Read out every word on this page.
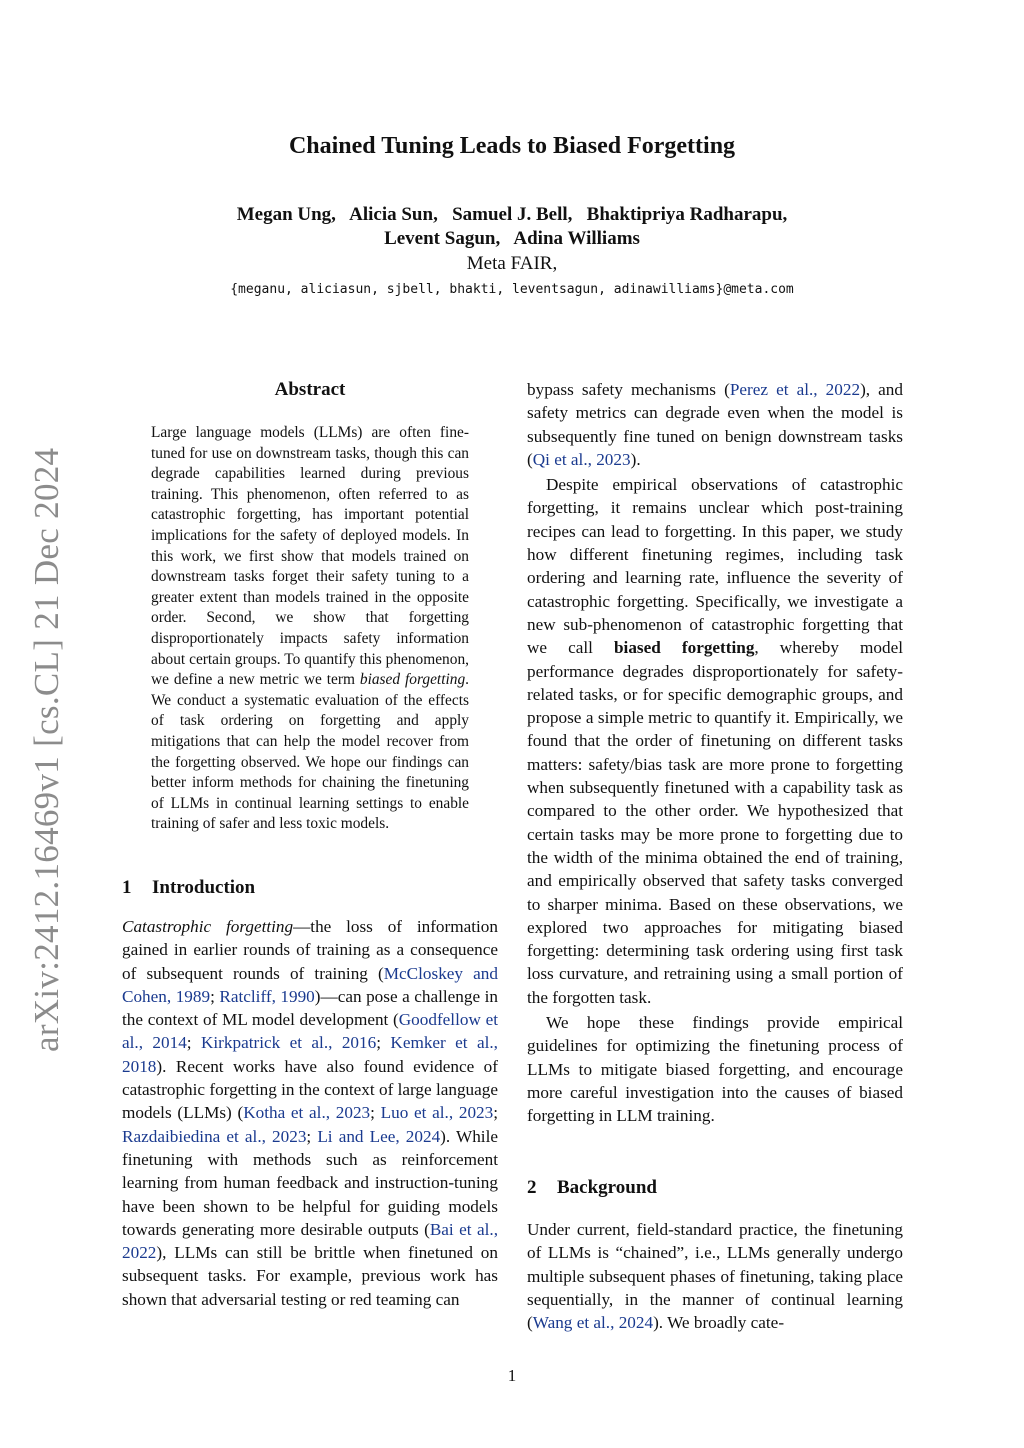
arXiv:2412.16469v1 [cs.CL] 21 Dec 2024
Chained Tuning Leads to Biased Forgetting
Megan Ung,   Alicia Sun,   Samuel J. Bell,   Bhaktipriya Radharapu,
Levent Sagun,   Adina Williams
Meta FAIR,
{meganu, aliciasun, sjbell, bhakti, leventsagun, adinawilliams}@meta.com
Abstract
Large language models (LLMs) are often fine-tuned for use on downstream tasks, though this can degrade capabilities learned during previous training. This phenomenon, often referred to as catastrophic forgetting, has important potential implications for the safety of deployed models. In this work, we first show that models trained on downstream tasks forget their safety tuning to a greater extent than models trained in the opposite order. Second, we show that forgetting disproportionately impacts safety information about certain groups. To quantify this phenomenon, we define a new metric we term biased forgetting. We conduct a systematic evaluation of the effects of task ordering on forgetting and apply mitigations that can help the model recover from the forgetting observed. We hope our findings can better inform methods for chaining the finetuning of LLMs in continual learning settings to enable training of safer and less toxic models.
1 Introduction

Catastrophic forgetting—the loss of information gained in earlier rounds of training as a consequence of subsequent rounds of training (McCloskey and Cohen, 1989; Ratcliff, 1990)—can pose a challenge in the context of ML model development (Goodfellow et al., 2014; Kirkpatrick et al., 2016; Kemker et al., 2018). Recent works have also found evidence of catastrophic forgetting in the context of large language models (LLMs) (Kotha et al., 2023; Luo et al., 2023; Razdaibiedina et al., 2023; Li and Lee, 2024). While finetuning with methods such as reinforcement learning from human feedback and instruction-tuning have been shown to be helpful for guiding models towards generating more desirable outputs (Bai et al., 2022), LLMs can still be brittle when finetuned on subsequent tasks. For example, previous work has shown that adversarial testing or red teaming can

bypass safety mechanisms (Perez et al., 2022), and safety metrics can degrade even when the model is subsequently fine tuned on benign downstream tasks (Qi et al., 2023).

Despite empirical observations of catastrophic forgetting, it remains unclear which post-training recipes can lead to forgetting. In this paper, we study how different finetuning regimes, including task ordering and learning rate, influence the severity of catastrophic forgetting. Specifically, we investigate a new sub-phenomenon of catastrophic forgetting that we call biased forgetting, whereby model performance degrades disproportionately for safety-related tasks, or for specific demographic groups, and propose a simple metric to quantify it. Empirically, we found that the order of finetuning on different tasks matters: safety/bias task are more prone to forgetting when subsequently finetuned with a capability task as compared to the other order. We hypothesized that certain tasks may be more prone to forgetting due to the width of the minima obtained the end of training, and empirically observed that safety tasks converged to sharper minima. Based on these observations, we explored two approaches for mitigating biased forgetting: determining task ordering using first task loss curvature, and retraining using a small portion of the forgotten task.

We hope these findings provide empirical guidelines for optimizing the finetuning process of LLMs to mitigate biased forgetting, and encourage more careful investigation into the causes of biased forgetting in LLM training.

2 Background

Under current, field-standard practice, the finetuning of LLMs is “chained”, i.e., LLMs generally undergo multiple subsequent phases of finetuning, taking place sequentially, in the manner of continual learning (Wang et al., 2024). We broadly cate-

1
